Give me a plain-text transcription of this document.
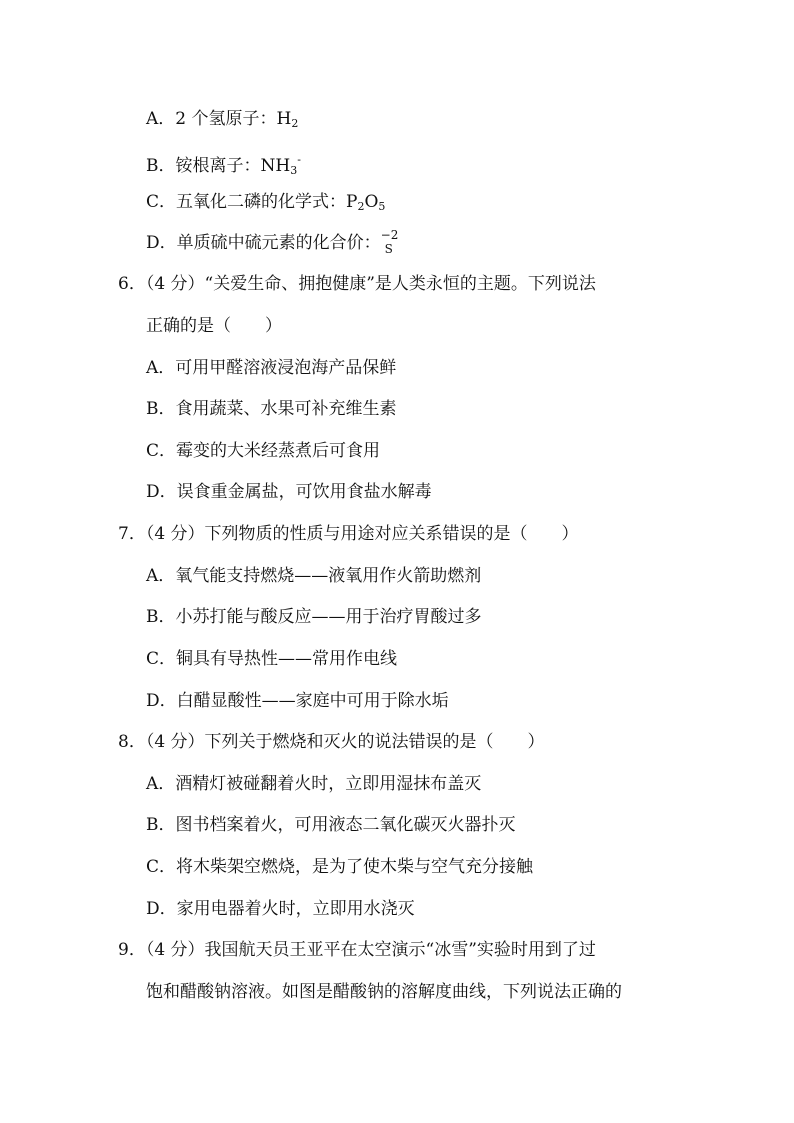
A．2 个氢原子：$H_2$
B．铵根离子：$NH_3^-$
C．五氧化二磷的化学式：$P_2O_5$
D．单质硫中硫元素的化合价： −2
S
6．（4 分）“关爱生命、拥抱健康”是人类永恒的主题。下列说法
正确的是（　　）
A．可用甲醛溶液浸泡海产品保鲜
B．食用蔬菜、水果可补充维生素
C．霉变的大米经蒸煮后可食用
D．误食重金属盐，可饮用食盐水解毒
7．（4 分）下列物质的性质与用途对应关系错误的是（　　）
A．氧气能支持燃烧——液氧用作火箭助燃剂
B．小苏打能与酸反应——用于治疗胃酸过多
C．铜具有导热性——常用作电线
D．白醋显酸性——家庭中可用于除水垢
8．（4 分）下列关于燃烧和灭火的说法错误的是（　　）
A．酒精灯被碰翻着火时，立即用湿抹布盖灭
B．图书档案着火，可用液态二氧化碳灭火器扑灭
C．将木柴架空燃烧，是为了使木柴与空气充分接触
D．家用电器着火时，立即用水浇灭
9．（4 分）我国航天员王亚平在太空演示“冰雪”实验时用到了过
饱和醋酸钠溶液。如图是醋酸钠的溶解度曲线，下列说法正确的
